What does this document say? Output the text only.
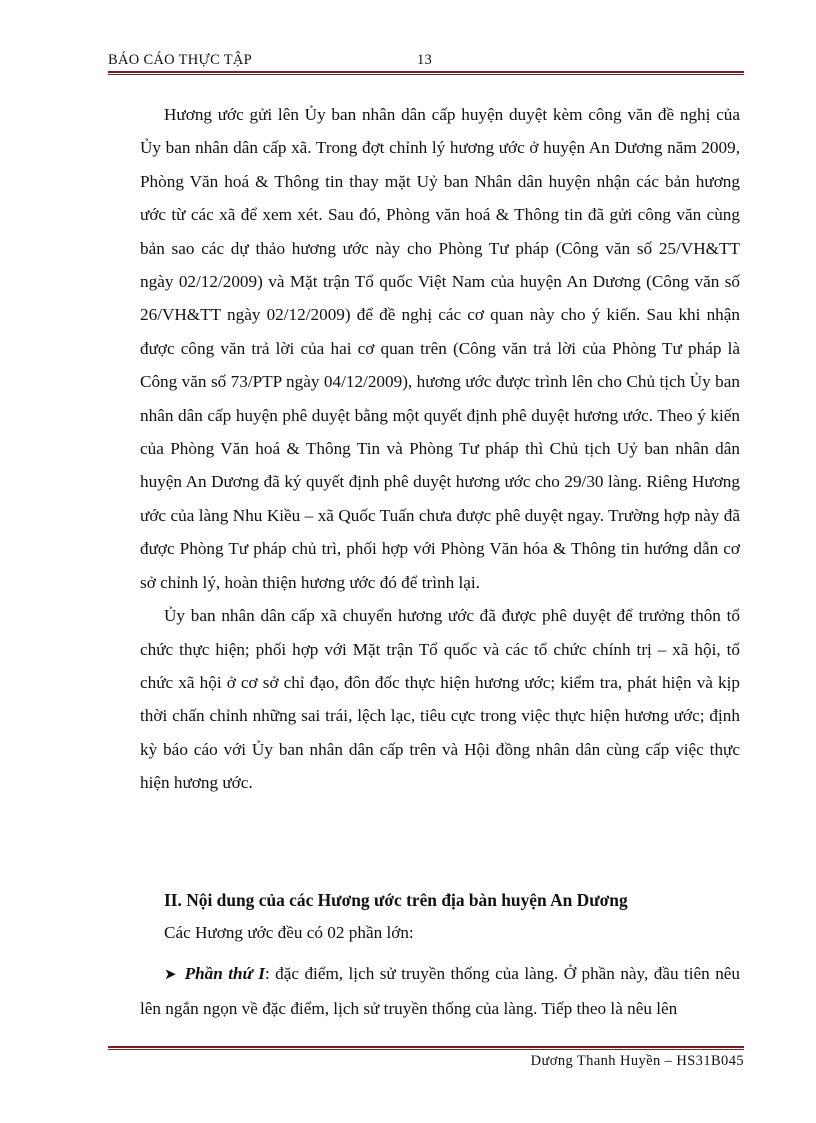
BÁO CÁO THỰC TẬP	13

Hương ước gửi lên Ủy ban nhân dân cấp huyện duyệt kèm công văn đề nghị của Ủy ban nhân dân cấp xã. Trong đợt chỉnh lý hương ước ở huyện An Dương năm 2009, Phòng Văn hoá & Thông tin thay mặt Uỷ ban Nhân dân huyện nhận các bản hương ước từ các xã để xem xét. Sau đó, Phòng văn hoá & Thông tin đã gửi công văn cùng bản sao các dự thảo hương ước này cho Phòng Tư pháp (Công văn số 25/VH&TT ngày 02/12/2009) và Mặt trận Tổ quốc Việt Nam của huyện An Dương (Công văn số 26/VH&TT ngày 02/12/2009) để đề nghị các cơ quan này cho ý kiến. Sau khi nhận được công văn trả lời của hai cơ quan trên (Công văn trả lời của Phòng Tư pháp là Công văn số 73/PTP ngày 04/12/2009), hương ước được trình lên cho Chủ tịch Ủy ban nhân dân cấp huyện phê duyệt bằng một quyết định phê duyệt hương ước. Theo ý kiến của Phòng Văn hoá & Thông Tin và Phòng Tư pháp thì Chủ tịch Uỷ ban nhân dân huyện An Dương đã ký quyết định phê duyệt hương ước cho 29/30 làng. Riêng Hương ước của làng Nhu Kiều – xã Quốc Tuấn chưa được phê duyệt ngay. Trường hợp này đã được Phòng Tư pháp chủ trì, phối hợp với Phòng Văn hóa & Thông tin hướng dẫn cơ sở chỉnh lý, hoàn thiện hương ước đó để trình lại.

Ủy ban nhân dân cấp xã chuyển hương ước đã được phê duyệt để trưởng thôn tổ chức thực hiện; phối hợp với Mặt trận Tổ quốc và các tổ chức chính trị – xã hội, tổ chức xã hội ở cơ sở chỉ đạo, đôn đốc thực hiện hương ước; kiểm tra, phát hiện và kịp thời chấn chỉnh những sai trái, lệch lạc, tiêu cực trong việc thực hiện hương ước; định kỳ báo cáo với Ủy ban nhân dân cấp trên và Hội đồng nhân dân cùng cấp việc thực hiện hương ước.

II. Nội dung của các Hương ước trên địa bàn huyện An Dương
Các Hương ước đều có 02 phần lớn:

➤ Phần thứ I: đặc điểm, lịch sử truyền thống của làng. Ở phần này, đầu tiên nêu lên ngắn ngọn về đặc điểm, lịch sử truyền thống của làng. Tiếp theo là nêu lên

Dương Thanh Huyền – HS31B045
